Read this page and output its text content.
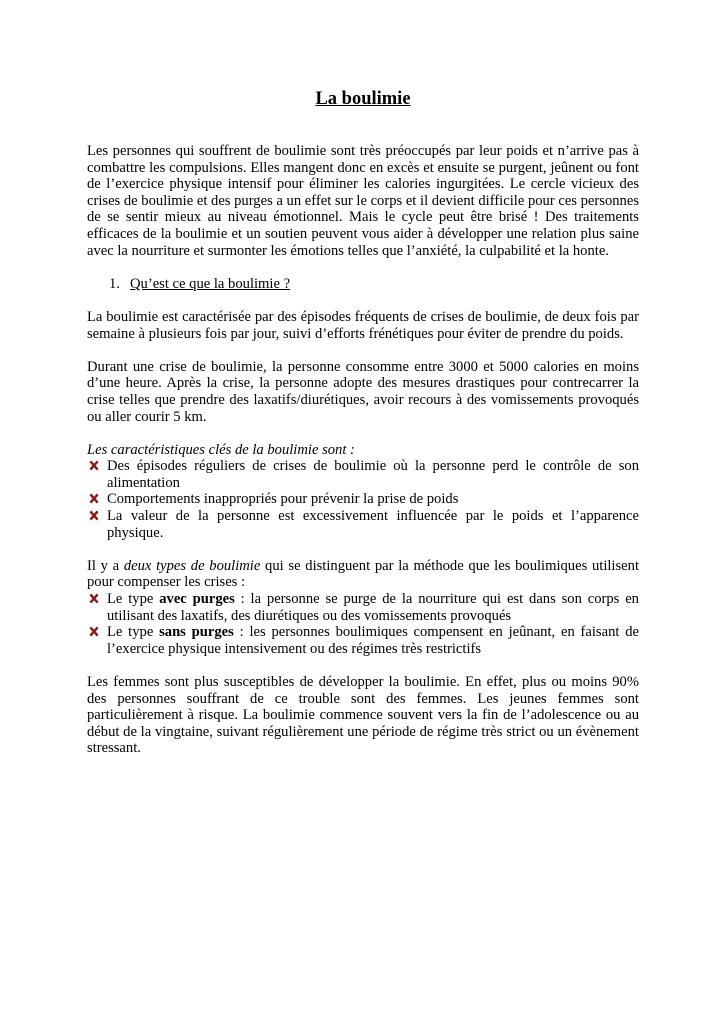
La boulimie

Les personnes qui souffrent de boulimie sont très préoccupés par leur poids et n’arrive pas à combattre les compulsions. Elles mangent donc en excès et ensuite se purgent, jeûnent ou font de l’exercice physique intensif pour éliminer les calories ingurgitées. Le cercle vicieux des crises de boulimie et des purges a un effet sur le corps et il devient difficile pour ces personnes de se sentir mieux au niveau émotionnel. Mais le cycle peut être brisé ! Des traitements efficaces de la boulimie et un soutien peuvent vous aider à développer une relation plus saine avec la nourriture et surmonter les émotions telles que l’anxiété, la culpabilité et la honte.

1. Qu’est ce que la boulimie ?

La boulimie est caractérisée par des épisodes fréquents de crises de boulimie, de deux fois par semaine à plusieurs fois par jour, suivi d’efforts frénétiques pour éviter de prendre du poids.

Durant une crise de boulimie, la personne consomme entre 3000 et 5000 calories en moins d’une heure. Après la crise, la personne adopte des mesures drastiques pour contrecarrer la crise telles que prendre des laxatifs/diurétiques, avoir recours à des vomissements provoqués ou aller courir 5 km.

Les caractéristiques clés de la boulimie sont :

Des épisodes réguliers de crises de boulimie où la personne perd le contrôle de son alimentation
Comportements inappropriés pour prévenir la prise de poids
La valeur de la personne est excessivement influencée par le poids et l’apparence physique.

Il y a deux types de boulimie qui se distinguent par la méthode que les boulimiques utilisent pour compenser les crises :

Le type avec purges : la personne se purge de la nourriture qui est dans son corps en utilisant des laxatifs, des diurétiques ou des vomissements provoqués
Le type sans purges : les personnes boulimiques compensent en jeûnant, en faisant de l’exercice physique intensivement ou des régimes très restrictifs

Les femmes sont plus susceptibles de développer la boulimie. En effet, plus ou moins 90% des personnes souffrant de ce trouble sont des femmes. Les jeunes femmes sont particulièrement à risque. La boulimie commence souvent vers la fin de l’adolescence ou au début de la vingtaine, suivant régulièrement une période de régime très strict ou un évènement stressant.
